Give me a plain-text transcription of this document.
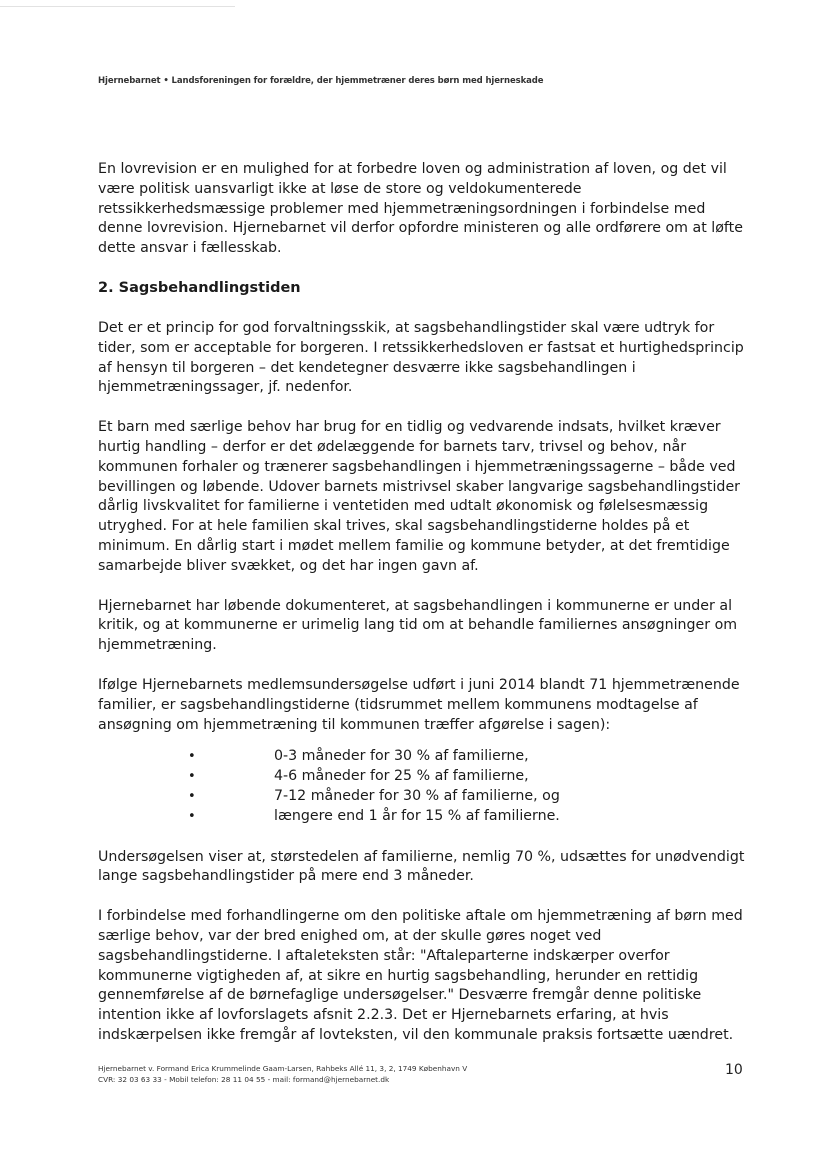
Hjernebarnet • Landsforeningen for forældre, der hjemmetræner deres børn med hjerneskade

En lovrevision er en mulighed for at forbedre loven og administration af loven, og det vil være politisk uansvarligt ikke at løse de store og veldokumenterede retssikkerhedsmæssige problemer med hjemmetræningsordningen i forbindelse med denne lovrevision. Hjernebarnet vil derfor opfordre ministeren og alle ordførere om at løfte dette ansvar i fællesskab.

2. Sagsbehandlingstiden

Det er et princip for god forvaltningsskik, at sagsbehandlingstider skal være udtryk for tider, som er acceptable for borgeren. I retssikkerhedsloven er fastsat et hurtighedsprincip af hensyn til borgeren – det kendetegner desværre ikke sagsbehandlingen i hjemmetræningssager, jf. nedenfor.

Et barn med særlige behov har brug for en tidlig og vedvarende indsats, hvilket kræver hurtig handling – derfor er det ødelæggende for barnets tarv, trivsel og behov, når kommunen forhaler og trænerer sagsbehandlingen i hjemmetræningssagerne – både ved bevillingen og løbende. Udover barnets mistrivsel skaber langvarige sagsbehandlingstider dårlig livskvalitet for familierne i ventetiden med udtalt økonomisk og følelsesmæssig utryghed. For at hele familien skal trives, skal sagsbehandlingstiderne holdes på et minimum. En dårlig start i mødet mellem familie og kommune betyder, at det fremtidige samarbejde bliver svækket, og det har ingen gavn af.

Hjernebarnet har løbende dokumenteret, at sagsbehandlingen i kommunerne er under al kritik, og at kommunerne er urimelig lang tid om at behandle familiernes ansøgninger om hjemmetræning.

Ifølge Hjernebarnets medlemsundersøgelse udført i juni 2014 blandt 71 hjemmetrænende familier, er sagsbehandlingstiderne (tidsrummet mellem kommunens modtagelse af ansøgning om hjemmetræning til kommunen træffer afgørelse i sagen):

•	0-3 måneder for 30 % af familierne,
•	4-6 måneder for 25 % af familierne,
•	7-12 måneder for 30 % af familierne, og
•	længere end 1 år for 15 % af familierne.

Undersøgelsen viser at, størstedelen af familierne, nemlig 70 %, udsættes for unødvendigt lange sagsbehandlingstider på mere end 3 måneder.

I forbindelse med forhandlingerne om den politiske aftale om hjemmetræning af børn med særlige behov, var der bred enighed om, at der skulle gøres noget ved sagsbehandlingstiderne. I aftaleteksten står: "Aftaleparterne indskærper overfor kommunerne vigtigheden af, at sikre en hurtig sagsbehandling, herunder en rettidig gennemførelse af de børnefaglige undersøgelser." Desværre fremgår denne politiske intention ikke af lovforslagets afsnit 2.2.3. Det er Hjernebarnets erfaring, at hvis indskærpelsen ikke fremgår af lovteksten, vil den kommunale praksis fortsætte uændret.

Hjernebarnet v. Formand Erica Krummelinde Gaam-Larsen, Rahbeks Allé 11, 3, 2, 1749 København V
CVR: 32 03 63 33 - Mobil telefon: 28 11 04 55 - mail: formand@hjernebarnet.dk
10
